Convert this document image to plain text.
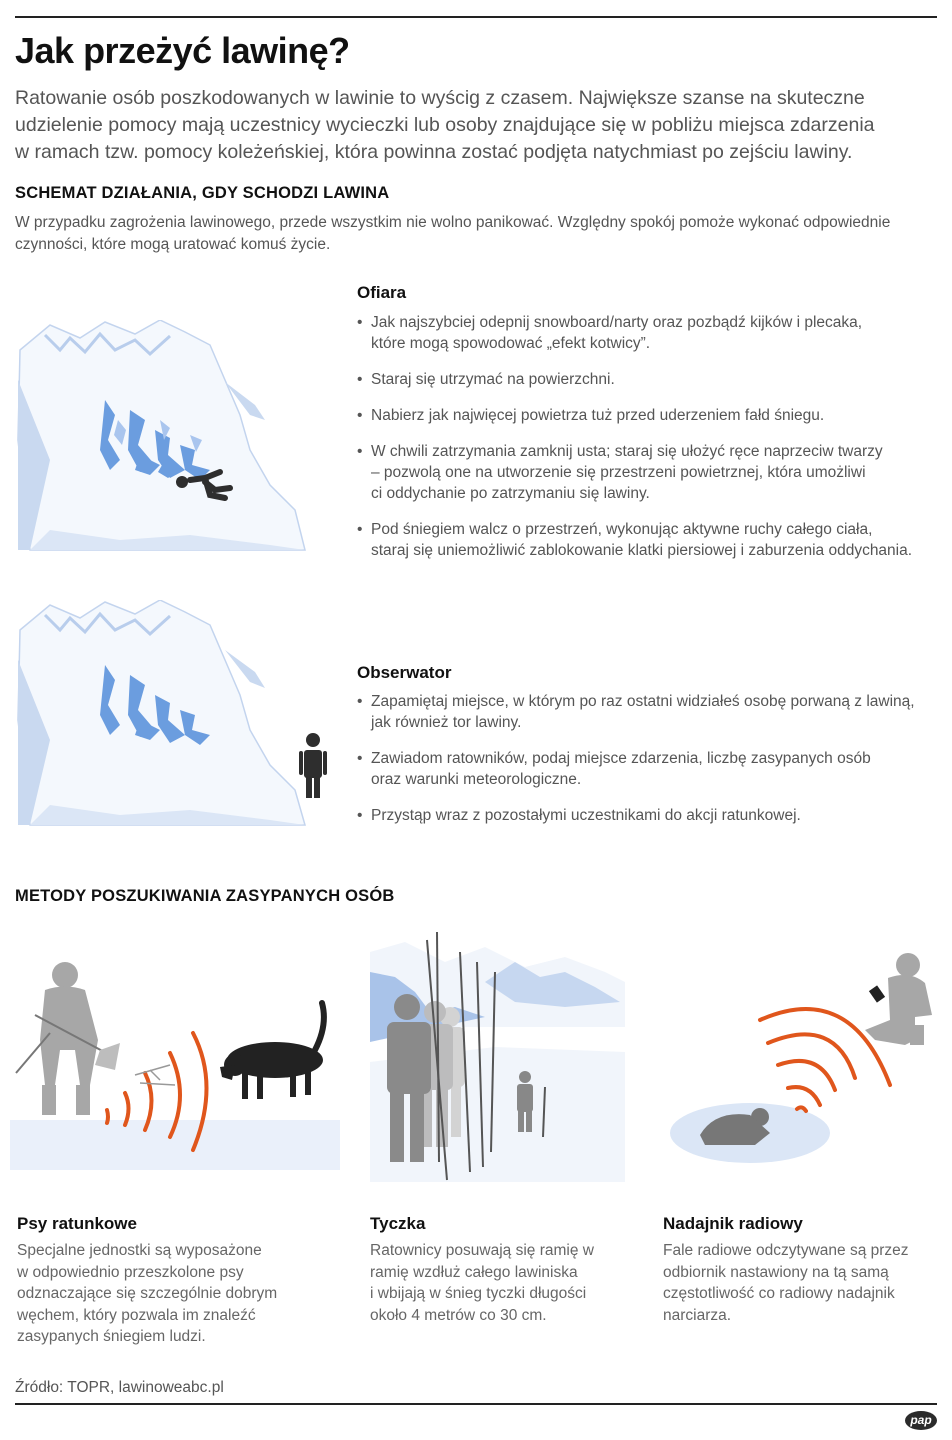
Jak przeżyć lawinę?
Ratowanie osób poszkodowanych w lawinie to wyścig z czasem. Największe szanse na skuteczne
udzielenie pomocy mają uczestnicy wycieczki lub osoby znajdujące się w pobliżu miejsca zdarzenia
w ramach tzw. pomocy koleżeńskiej, która powinna zostać podjęta natychmiast po zejściu lawiny.
SCHEMAT DZIAŁANIA, GDY SCHODZI LAWINA
W przypadku zagrożenia lawinowego, przede wszystkim nie wolno panikować. Względny spokój pomoże wykonać odpowiednie
czynności, które mogą uratować komuś życie.
Ofiara
• Jak najszybciej odepnij snowboard/narty oraz pozbądź kijków i plecaka,
które mogą spowodować „efekt kotwicy”.
• Staraj się utrzymać na powierzchni.
• Nabierz jak najwięcej powietrza tuż przed uderzeniem fałd śniegu.
• W chwili zatrzymania zamknij usta; staraj się ułożyć ręce naprzeciw twarzy
– pozwolą one na utworzenie się przestrzeni powietrznej, która umożliwi
ci oddychanie po zatrzymaniu się lawiny.
• Pod śniegiem walcz o przestrzeń, wykonując aktywne ruchy całego ciała,
staraj się uniemożliwić zablokowanie klatki piersiowej i zaburzenia oddychania.
Obserwator
• Zapamiętaj miejsce, w którym po raz ostatni widziałeś osobę porwaną z lawiną,
jak również tor lawiny.
• Zawiadom ratowników, podaj miejsce zdarzenia, liczbę zasypanych osób
oraz warunki meteorologiczne.
• Przystąp wraz z pozostałymi uczestnikami do akcji ratunkowej.
METODY POSZUKIWANIA ZASYPANYCH OSÓB
Psy ratunkowe
Specjalne jednostki są wyposażone
w odpowiednio przeszkolone psy
odznaczające się szczególnie dobrym
węchem, który pozwala im znaleźć
zasypanych śniegiem ludzi.
Tyczka
Ratownicy posuwają się ramię w
ramię wzdłuż całego lawiniska
i wbijają w śnieg tyczki długości
około 4 metrów co 30 cm.
Nadajnik radiowy
Fale radiowe odczytywane są przez
odbiornik nastawiony na tą samą
częstotliwość co radiowy nadajnik
narciarza.
Źródło: TOPR, lawinoweabc.pl
pap
